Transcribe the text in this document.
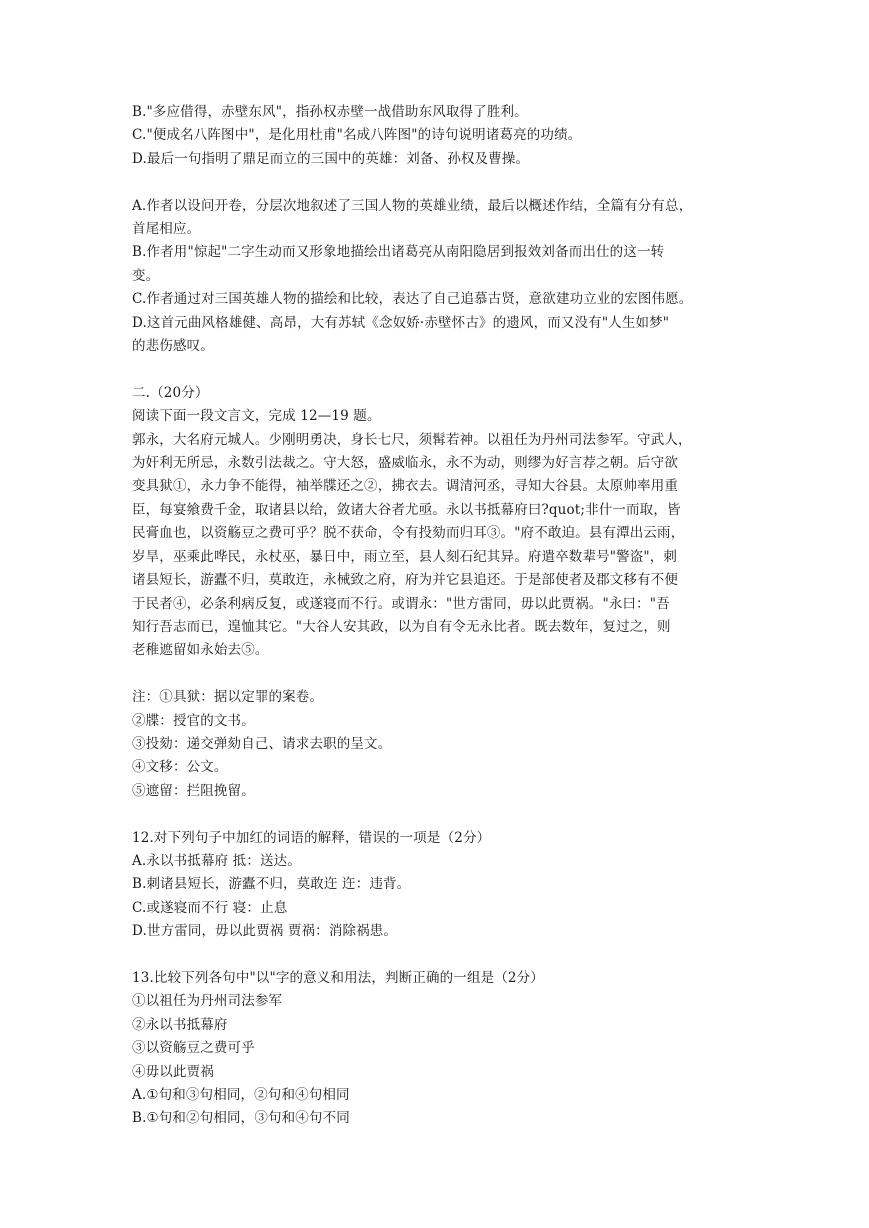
B."多应借得，赤壁东风"，指孙权赤壁一战借助东风取得了胜利。
C."便成名八阵图中"，是化用杜甫"名成八阵图"的诗句说明诸葛亮的功绩。
D.最后一句指明了鼎足而立的三国中的英雄：刘备、孙权及曹操。
A.作者以设问开卷，分层次地叙述了三国人物的英雄业绩，最后以概述作结，全篇有分有总，
首尾相应。
B.作者用"惊起"二字生动而又形象地描绘出诸葛亮从南阳隐居到报效刘备而出仕的这一转
变。
C.作者通过对三国英雄人物的描绘和比较，表达了自己追慕古贤，意欲建功立业的宏图伟愿。
D.这首元曲风格雄健、高昂，大有苏轼《念奴娇·赤壁怀古》的遗风，而又没有"人生如梦"
的悲伤感叹。
二.（20分）
阅读下面一段文言文，完成 12—19 题。
郭永，大名府元城人。少刚明勇决，身长七尺，须髯若神。以祖任为丹州司法参军。守武人，
为奸利无所忌，永数引法裁之。守大怒，盛威临永，永不为动，则缪为好言荐之朝。后守欲
变具狱①，永力争不能得，袖举牒还之②，拂衣去。调清河丞，寻知大谷县。太原帅率用重
臣，每宴飨费千金，取诸县以给，敛诸大谷者尤亟。永以书抵幕府曰?quot;非什一而取，皆
民膏血也，以资觞豆之费可乎？脱不获命，令有投劾而归耳③。"府不敢迫。县有潭出云雨，
岁旱，巫乘此哗民，永杖巫，暴日中，雨立至，县人刻石纪其异。府遣卒数辈号"警盗"，刺
诸县短长，游蠹不归，莫敢迕，永械致之府，府为并它县追还。于是部使者及郡文移有不便
于民者④，必条利病反复，或遂寝而不行。或谓永："世方雷同，毋以此贾祸。"永曰："吾
知行吾志而已，遑恤其它。"大谷人安其政，以为自有令无永比者。既去数年，复过之，则
老稚遮留如永始去⑤。
注：①具狱：据以定罪的案卷。
②牒：授官的文书。
③投劾：递交弹劾自己、请求去职的呈文。
④文移：公文。
⑤遮留：拦阻挽留。
12.对下列句子中加红的词语的解释，错误的一项是（2分）
A.永以书抵幕府 抵：送达。
B.刺诸县短长，游蠹不归，莫敢迕 迕：违背。
C.或遂寝而不行 寝：止息
D.世方雷同，毋以此贾祸 贾祸：消除祸患。
13.比较下列各句中"以"字的意义和用法，判断正确的一组是（2分）
①以祖任为丹州司法参军
②永以书抵幕府
③以资觞豆之费可乎
④毋以此贾祸
A.①句和③句相同，②句和④句相同
B.①句和②句相同，③句和④句不同
